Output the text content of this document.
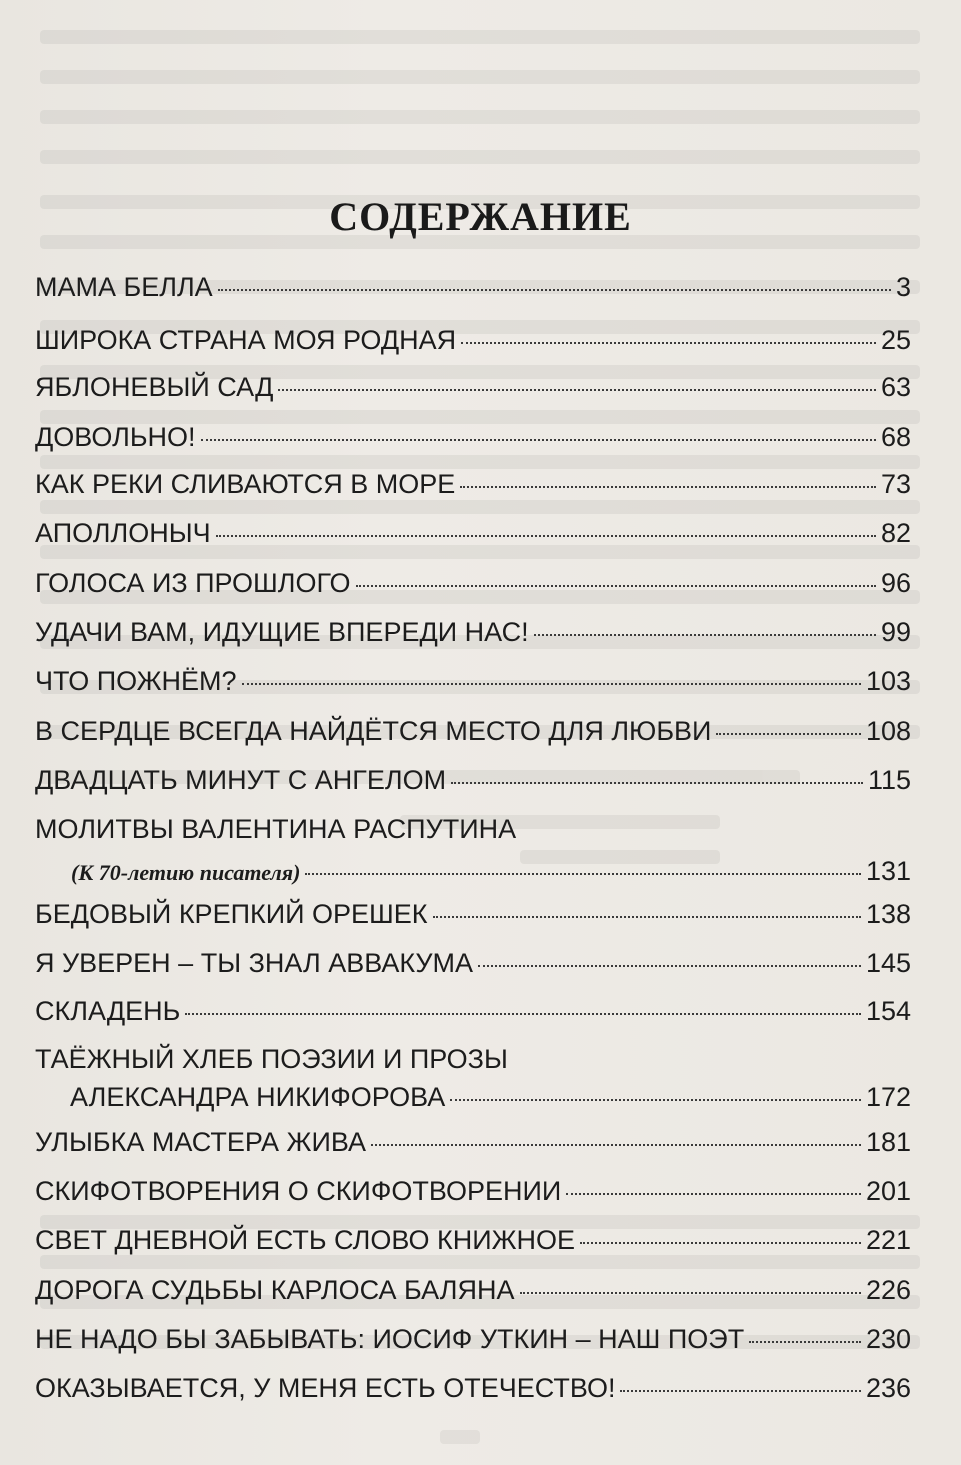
СОДЕРЖАНИЕ
МАМА БЕЛЛА	3
ШИРОКА СТРАНА МОЯ РОДНАЯ	25
ЯБЛОНЕВЫЙ САД	63
ДОВОЛЬНО!	68
КАК РЕКИ СЛИВАЮТСЯ В МОРЕ	73
АПОЛЛОНЫЧ	82
ГОЛОСА ИЗ ПРОШЛОГО	96
УДАЧИ ВАМ, ИДУЩИЕ ВПЕРЕДИ НАС!	99
ЧТО ПОЖНЁМ?	103
В СЕРДЦЕ ВСЕГДА НАЙДЁТСЯ МЕСТО ДЛЯ ЛЮБВИ	108
ДВАДЦАТЬ МИНУТ С АНГЕЛОМ	115
МОЛИТВЫ ВАЛЕНТИНА РАСПУТИНА
(К 70-летию писателя)	131
БЕДОВЫЙ КРЕПКИЙ ОРЕШЕК	138
Я УВЕРЕН – ТЫ ЗНАЛ АВВАКУМА	145
СКЛАДЕНЬ	154
ТАЁЖНЫЙ ХЛЕБ ПОЭЗИИ И ПРОЗЫ
АЛЕКСАНДРА НИКИФОРОВА	172
УЛЫБКА МАСТЕРА ЖИВА	181
СКИФОТВОРЕНИЯ О СКИФОТВОРЕНИИ	201
СВЕТ ДНЕВНОЙ ЕСТЬ СЛОВО КНИЖНОЕ	221
ДОРОГА СУДЬБЫ КАРЛОСА БАЛЯНА	226
НЕ НАДО БЫ ЗАБЫВАТЬ: ИОСИФ УТКИН – НАШ ПОЭТ	230
ОКАЗЫВАЕТСЯ, У МЕНЯ ЕСТЬ ОТЕЧЕСТВО!	236
